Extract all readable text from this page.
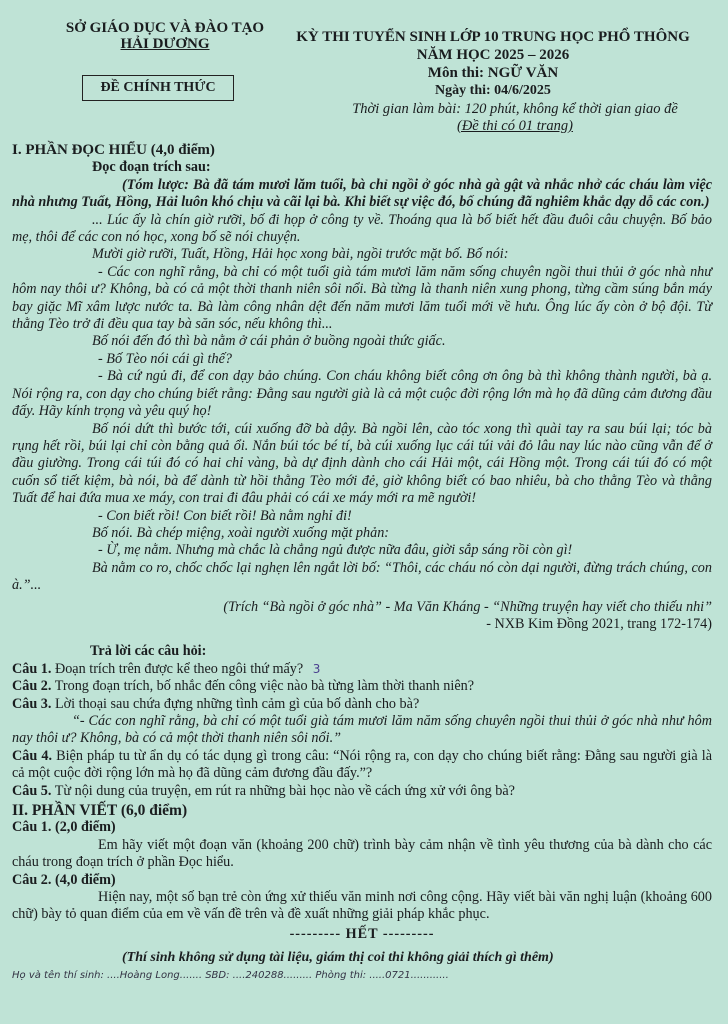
SỞ GIÁO DỤC VÀ ĐÀO TẠO
HẢI DƯƠNG
ĐỀ CHÍNH THỨC
KỲ THI TUYỂN SINH LỚP 10 TRUNG HỌC PHỔ THÔNG
NĂM HỌC 2025 – 2026
Môn thi: NGỮ VĂN
Ngày thi: 04/6/2025
Thời gian làm bài: 120 phút, không kể thời gian giao đề
(Đề thi có 01 trang)
I. PHẦN ĐỌC HIỂU (4,0 điểm)
Đọc đoạn trích sau:

(Tóm lược: Bà đã tám mươi lăm tuổi, bà chỉ ngồi ở góc nhà gà gật và nhắc nhở các cháu làm việc nhà nhưng Tuất, Hồng, Hải luôn khó chịu và cãi lại bà. Khi biết sự việc đó, bố chúng đã nghiêm khắc dạy dỗ các con.)

... Lúc ấy là chín giờ rưỡi, bố đi họp ở công ty về. Thoáng qua là bố biết hết đầu đuôi câu chuyện. Bố bảo mẹ, thôi để các con nó học, xong bố sẽ nói chuyện.

Mười giờ rưỡi, Tuất, Hồng, Hải học xong bài, ngồi trước mặt bố. Bố nói:

- Các con nghĩ rằng, bà chỉ có một tuổi già tám mươi lăm năm sống chuyên ngồi thui thủi ở góc nhà như hôm nay thôi ư? Không, bà có cả một thời thanh niên sôi nổi. Bà từng là thanh niên xung phong, từng cầm súng bắn máy bay giặc Mĩ xâm lược nước ta. Bà làm công nhân dệt đến năm mươi lăm tuổi mới về hưu. Ông lúc ấy còn ở bộ đội. Từ thằng Tèo trở đi đều qua tay bà săn sóc, nếu không thì...

Bố nói đến đó thì bà nằm ở cái phản ở buồng ngoài thức giấc.

- Bố Tèo nói cái gì thế?

- Bà cứ ngủ đi, để con dạy bảo chúng. Con cháu không biết công ơn ông bà thì không thành người, bà ạ. Nói rộng ra, con dạy cho chúng biết rằng: Đằng sau người già là cả một cuộc đời rộng lớn mà họ đã dũng cảm đương đầu đấy. Hãy kính trọng và yêu quý họ!

Bố nói dứt thì bước tới, cúi xuống đỡ bà dậy. Bà ngồi lên, cào tóc xong thì quài tay ra sau búi lại; tóc bà rụng hết rồi, búi lại chỉ còn bằng quả ổi. Nắn búi tóc bé tí, bà cúi xuống lục cái túi vải đỏ lâu nay lúc nào cũng vẫn để ở đầu giường. Trong cái túi đó có hai chỉ vàng, bà dự định dành cho cái Hải một, cái Hồng một. Trong cái túi đó có một cuốn sổ tiết kiệm, bà nói, bà để dành từ hồi thằng Tèo mới đẻ, giờ không biết có bao nhiêu, bà cho thằng Tèo và thằng Tuất để hai đứa mua xe máy, con trai đi đâu phải có cái xe máy mới ra mẽ người!

- Con biết rồi! Con biết rồi! Bà nằm nghỉ đi!

Bố nói. Bà chép miệng, xoài người xuống mặt phản:

- Ừ, mẹ nằm. Nhưng mà chắc là chẳng ngủ được nữa đâu, giời sắp sáng rồi còn gì!

Bà nằm co ro, chốc chốc lại nghẹn lên ngắt lời bố: “Thôi, các cháu nó còn dại người, đừng trách chúng, con à.”...

(Trích “Bà ngồi ở góc nhà” - Ma Văn Kháng - “Những truyện hay viết cho thiếu nhi”

- NXB Kim Đồng 2021, trang 172-174)

Trả lời các câu hỏi:

Câu 1. Đoạn trích trên được kể theo ngôi thứ mấy? 3

Câu 2. Trong đoạn trích, bố nhắc đến công việc nào bà từng làm thời thanh niên?

Câu 3. Lời thoại sau chứa đựng những tình cảm gì của bố dành cho bà?

“- Các con nghĩ rằng, bà chỉ có một tuổi già tám mươi lăm năm sống chuyên ngồi thui thủi ở góc nhà như hôm nay thôi ư? Không, bà có cả một thời thanh niên sôi nổi.”

Câu 4. Biện pháp tu từ ẩn dụ có tác dụng gì trong câu: “Nói rộng ra, con dạy cho chúng biết rằng: Đằng sau người già là cả một cuộc đời rộng lớn mà họ đã dũng cảm đương đầu đấy.”?

Câu 5. Từ nội dung của truyện, em rút ra những bài học nào về cách ứng xử với ông bà?

II. PHẦN VIẾT (6,0 điểm)

Câu 1. (2,0 điểm)

Em hãy viết một đoạn văn (khoảng 200 chữ) trình bày cảm nhận về tình yêu thương của bà dành cho các cháu trong đoạn trích ở phần Đọc hiểu.

Câu 2. (4,0 điểm)

Hiện nay, một số bạn trẻ còn ứng xử thiếu văn minh nơi công cộng. Hãy viết bài văn nghị luận (khoảng 600 chữ) bày tỏ quan điểm của em về vấn đề trên và đề xuất những giải pháp khắc phục.

--------- HẾT ---------

(Thí sinh không sử dụng tài liệu, giám thị coi thi không giải thích gì thêm)

Họ và tên thí sinh: ....Hoàng Long....... SBD: ....240288......... Phòng thi: .....0721............
